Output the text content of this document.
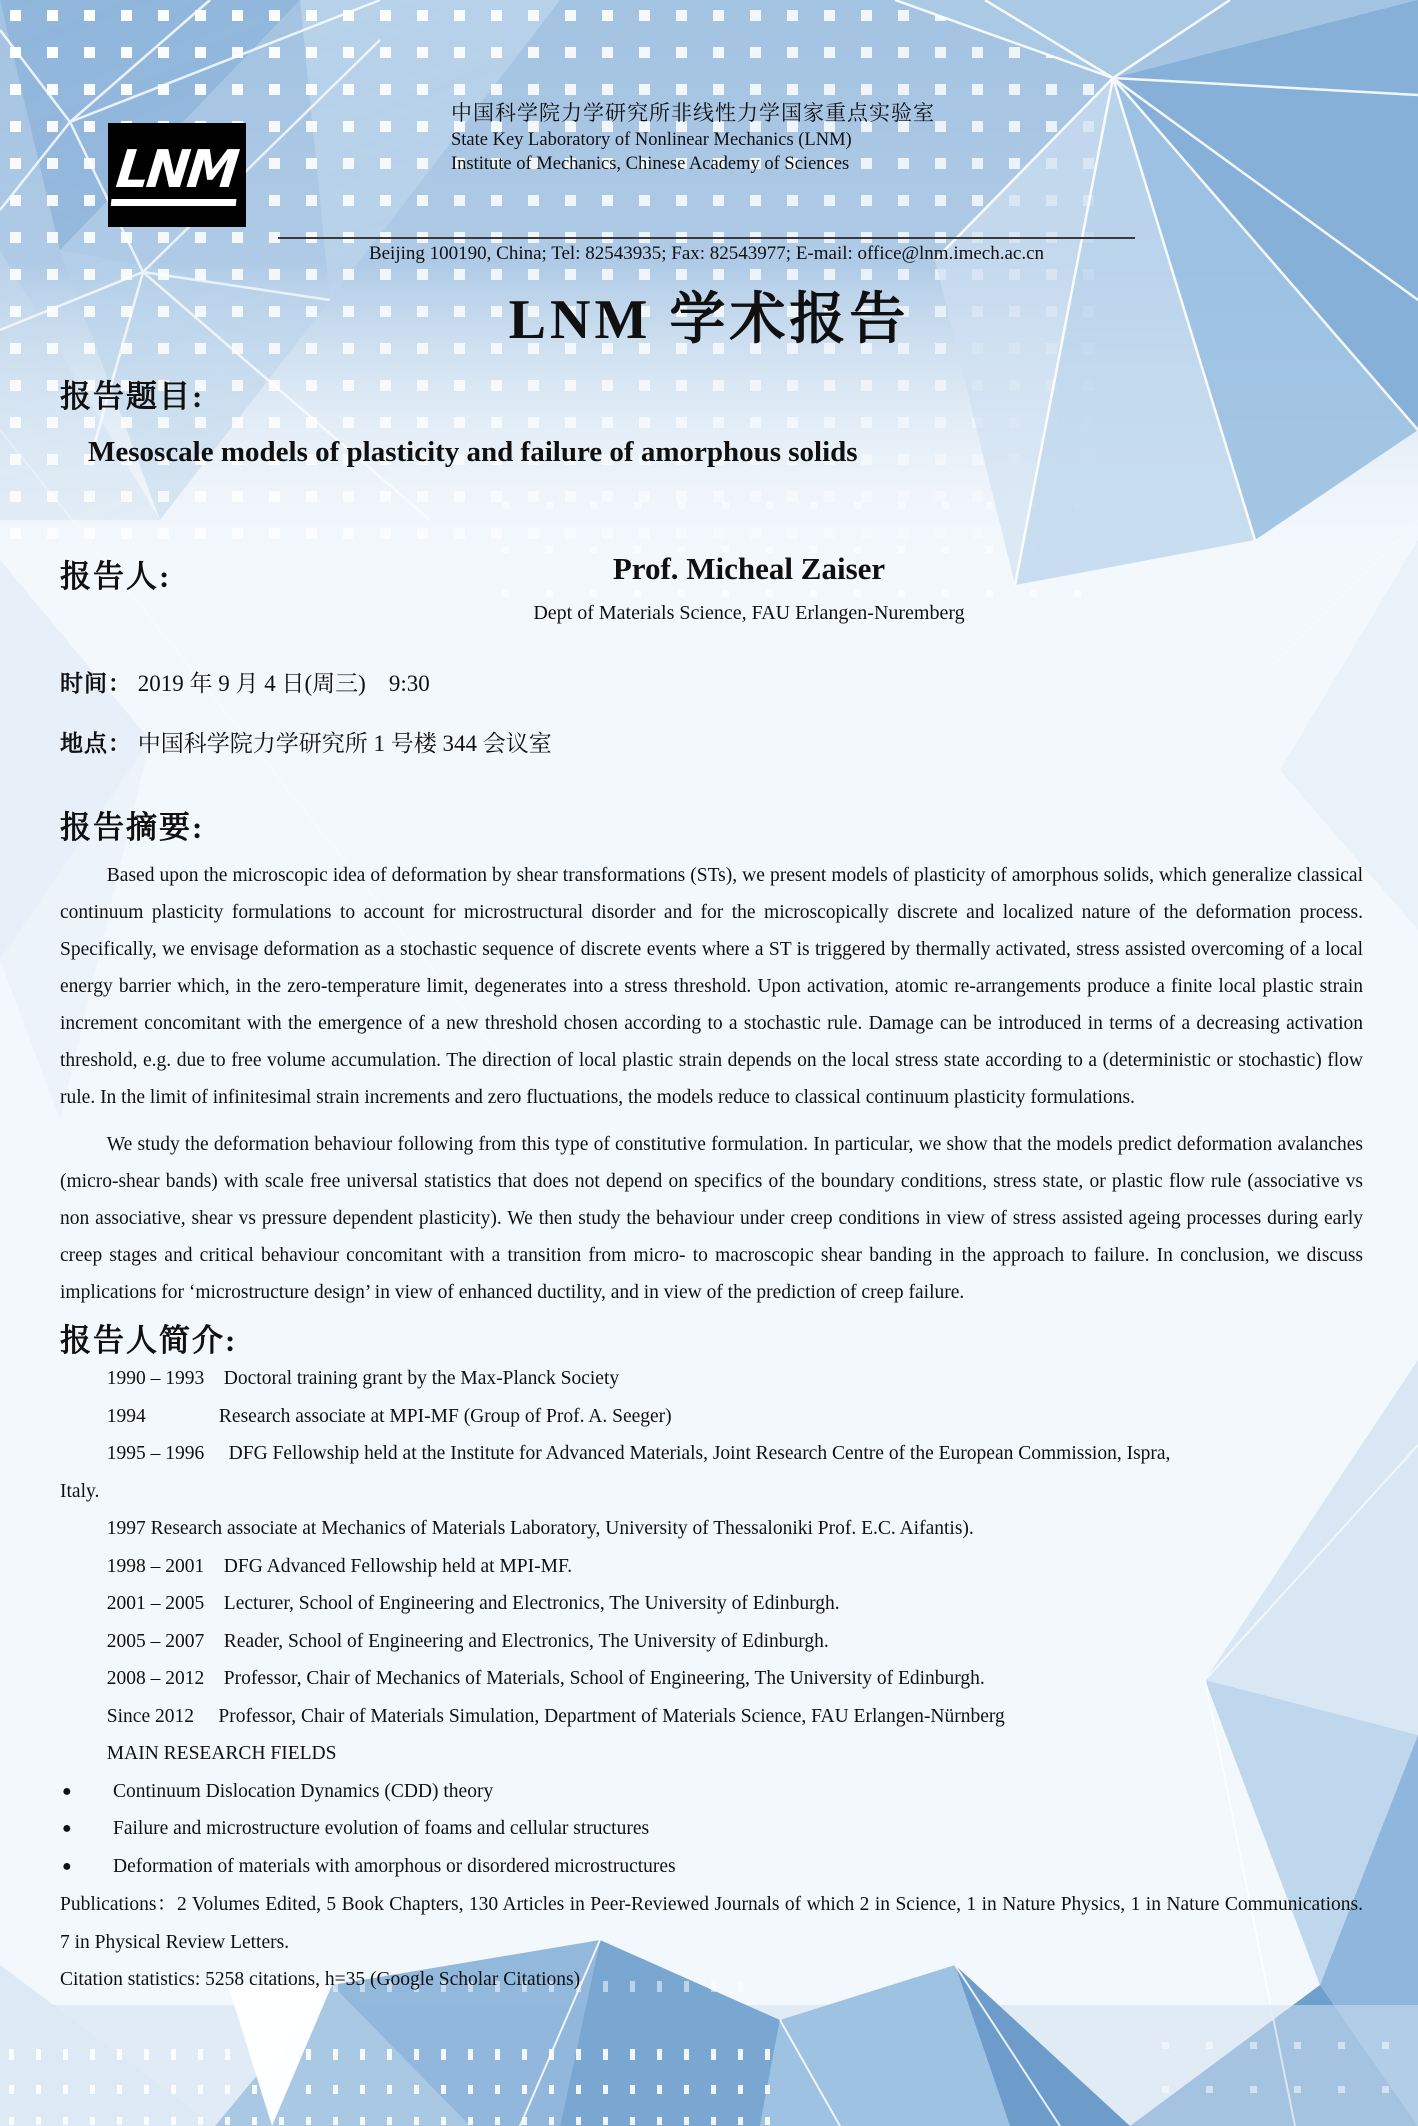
LNM
中国科学院力学研究所非线性力学国家重点实验室
State Key Laboratory of Nonlinear Mechanics (LNM)
Institute of Mechanics, Chinese Academy of Sciences
Beijing 100190, China; Tel: 82543935; Fax: 82543977; E-mail: office@lnm.imech.ac.cn
LNM 学术报告
报告题目:
Mesoscale models of plasticity and failure of amorphous solids
报告人:	Prof. Micheal Zaiser
Dept of Materials Science, FAU Erlangen-Nuremberg
时间： 2019 年 9 月 4 日(周三)    9:30
地点： 中国科学院力学研究所 1 号楼 344 会议室
报告摘要:
Based upon the microscopic idea of deformation by shear transformations (STs), we present models of plasticity of amorphous solids, which generalize classical continuum plasticity formulations to account for microstructural disorder and for the microscopically discrete and localized nature of the deformation process. Specifically, we envisage deformation as a stochastic sequence of discrete events where a ST is triggered by thermally activated, stress assisted overcoming of a local energy barrier which, in the zero-temperature limit, degenerates into a stress threshold. Upon activation, atomic re-arrangements produce a finite local plastic strain increment concomitant with the emergence of a new threshold chosen according to a stochastic rule. Damage can be introduced in terms of a decreasing activation threshold, e.g. due to free volume accumulation. The direction of local plastic strain depends on the local stress state according to a (deterministic or stochastic) flow rule. In the limit of infinitesimal strain increments and zero fluctuations, the models reduce to classical continuum plasticity formulations.
We study the deformation behaviour following from this type of constitutive formulation. In particular, we show that the models predict deformation avalanches (micro-shear bands) with scale free universal statistics that does not depend on specifics of the boundary conditions, stress state, or plastic flow rule (associative vs non associative, shear vs pressure dependent plasticity). We then study the behaviour under creep conditions in view of stress assisted ageing processes during early creep stages and critical behaviour concomitant with a transition from micro- to macroscopic shear banding in the approach to failure. In conclusion, we discuss implications for ‘microstructure design’ in view of enhanced ductility, and in view of the prediction of creep failure.
报告人简介:
1990 – 1993    Doctoral training grant by the Max-Planck Society
1994               Research associate at MPI-MF (Group of Prof. A. Seeger)
1995 – 1996     DFG Fellowship held at the Institute for Advanced Materials, Joint Research Centre of the European Commission, Ispra,
Italy.
1997 Research associate at Mechanics of Materials Laboratory, University of Thessaloniki Prof. E.C. Aifantis).
1998 – 2001    DFG Advanced Fellowship held at MPI-MF.
2001 – 2005    Lecturer, School of Engineering and Electronics, The University of Edinburgh.
2005 – 2007    Reader, School of Engineering and Electronics, The University of Edinburgh.
2008 – 2012    Professor, Chair of Mechanics of Materials, School of Engineering, The University of Edinburgh.
Since 2012     Professor, Chair of Materials Simulation, Department of Materials Science, FAU Erlangen-Nürnberg
MAIN RESEARCH FIELDS
●	Continuum Dislocation Dynamics (CDD) theory
●	Failure and microstructure evolution of foams and cellular structures
●	Deformation of materials with amorphous or disordered microstructures
Publications：2 Volumes Edited, 5 Book Chapters, 130 Articles in Peer-Reviewed Journals of which 2 in Science, 1 in Nature Physics, 1 in Nature Communications. 7 in Physical Review Letters.
Citation statistics: 5258 citations, h=35 (Google Scholar Citations)
